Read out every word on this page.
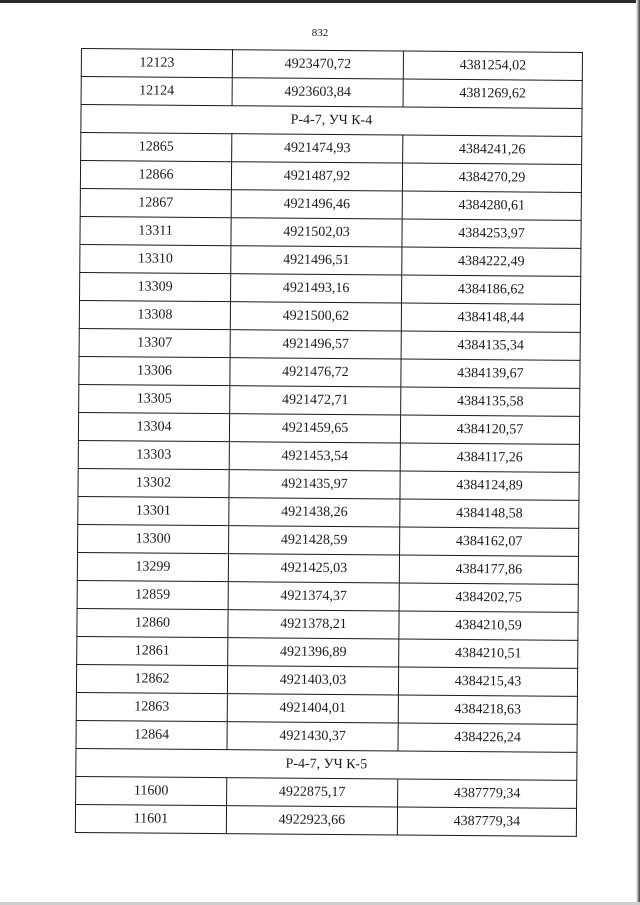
832
12123	4923470,72	4381254,02
12124	4923603,84	4381269,62
Р-4-7, УЧ К-4		
12865	4921474,93	4384241,26
12866	4921487,92	4384270,29
12867	4921496,46	4384280,61
13311	4921502,03	4384253,97
13310	4921496,51	4384222,49
13309	4921493,16	4384186,62
13308	4921500,62	4384148,44
13307	4921496,57	4384135,34
13306	4921476,72	4384139,67
13305	4921472,71	4384135,58
13304	4921459,65	4384120,57
13303	4921453,54	4384117,26
13302	4921435,97	4384124,89
13301	4921438,26	4384148,58
13300	4921428,59	4384162,07
13299	4921425,03	4384177,86
12859	4921374,37	4384202,75
12860	4921378,21	4384210,59
12861	4921396,89	4384210,51
12862	4921403,03	4384215,43
12863	4921404,01	4384218,63
12864	4921430,37	4384226,24
Р-4-7, УЧ К-5		
11600	4922875,17	4387779,34
11601	4922923,66	4387779,34
